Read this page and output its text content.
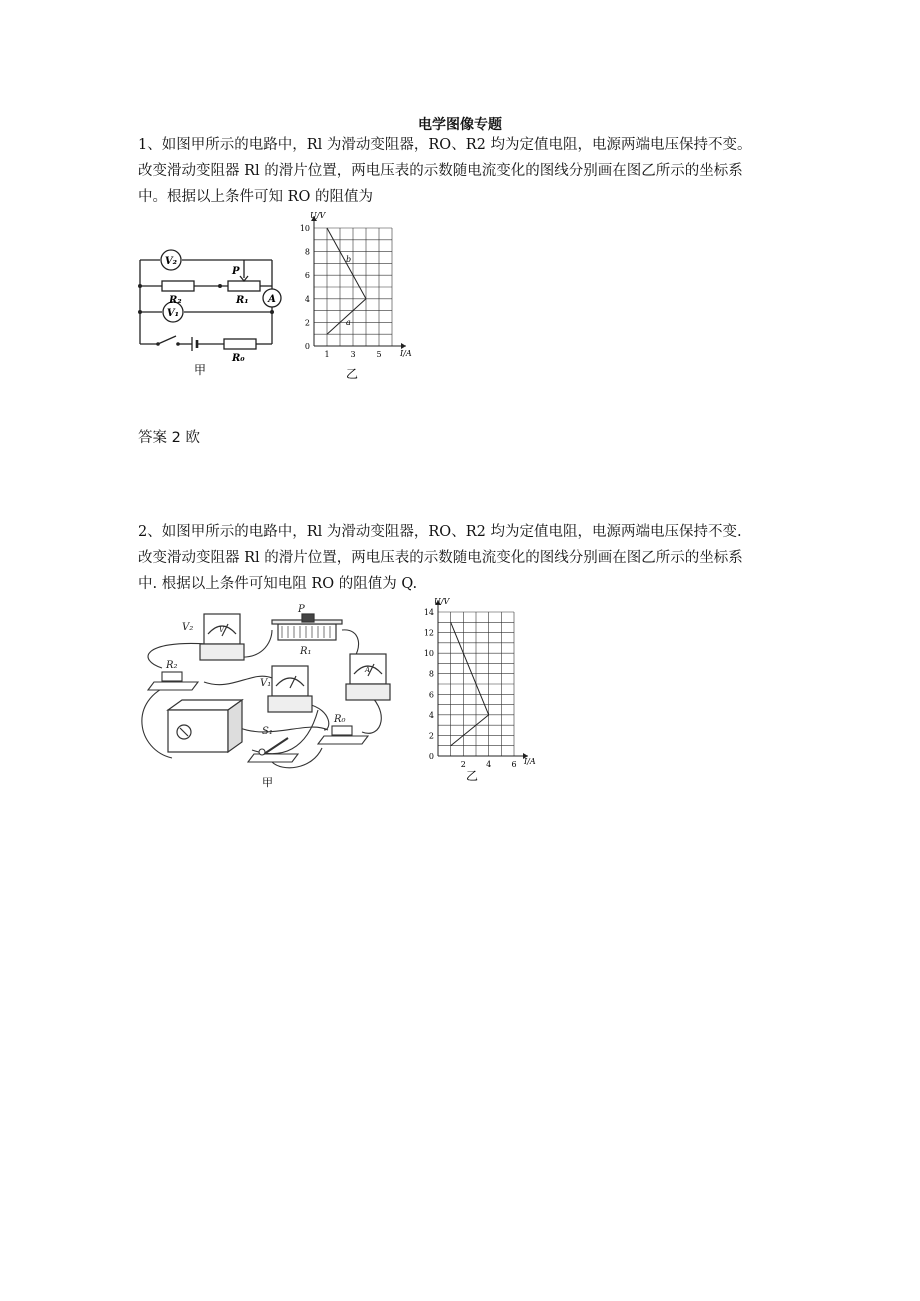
电学图像专题

1、如图甲所示的电路中，Rl 为滑动变阻器，RO、R2 均为定值电阻，电源两端电压保持不变。

改变滑动变阻器 Rl 的滑片位置，两电压表的示数随电流变化的图线分别画在图乙所示的坐标系

中。根据以上条件可知 RO 的阻值为

V₂
V₁
A
P
R₂	R₁
R₀
甲
U/V
I/A
b
a
0
2
4
6
8
10
1	3	5
乙
答案 2 欧

2、如图甲所示的电路中，Rl 为滑动变阻器，RO、R2 均为定值电阻，电源两端电压保持不变.

改变滑动变阻器 Rl 的滑片位置，两电压表的示数随电流变化的图线分别画在图乙所示的坐标系

中. 根据以上条件可知电阻 RO 的阻值为 Q.

V₂
P
R₁
R₂
V₁
R₀
S₁
V
A
甲
U/V
I/A
0
2
4
6
8
10
12
14
2	4	6
乙
